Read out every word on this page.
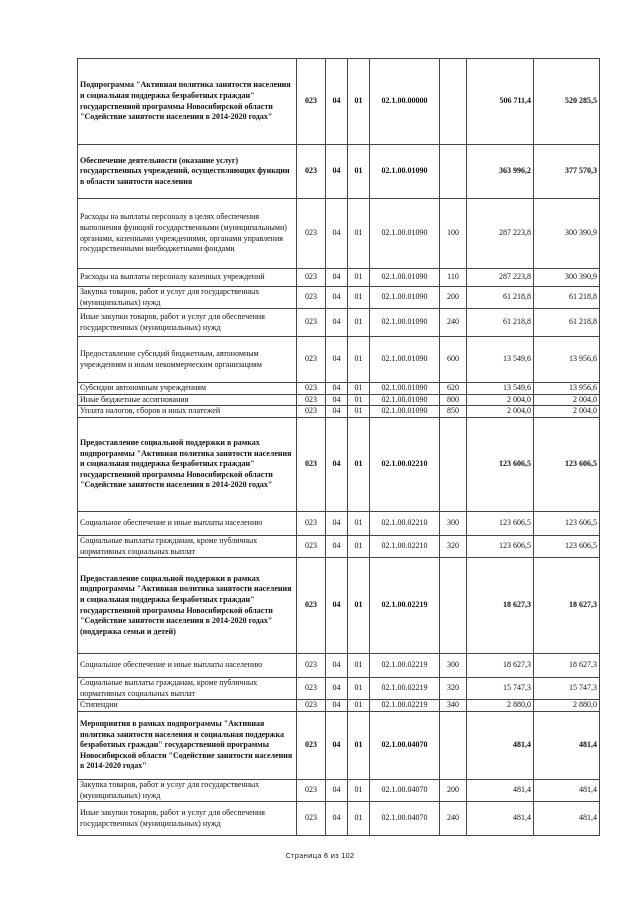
Подпрограмма "Активная политика занятости населения и социальная поддержка безработных граждан" государственной программы Новосибирской области "Содействие занятости населения в 2014-2020 годах"	023	04	01	02.1.00.00000		506 711,4	520 285,5
Обеспечение деятельности (оказание услуг) государственных учреждений, осуществляющих функции в области занятости населения	023	04	01	02.1.00.01090		363 996,2	377 570,3
Расходы на выплаты персоналу в целях обеспечения выполнения функций государственными (муниципальными) органами, казенными учреждениями, органами управления государственными внебюджетными фондами	023	04	01	02.1.00.01090	100	287 223,8	300 390,9
Расходы на выплаты персоналу казенных учреждений	023	04	01	02.1.00.01090	110	287 223,8	300 390,9
Закупка товаров, работ и услуг для государственных (муниципальных) нужд	023	04	01	02.1.00.01090	200	61 218,8	61 218,8
Иные закупки товаров, работ и услуг для обеспечения государственных (муниципальных) нужд	023	04	01	02.1.00.01090	240	61 218,8	61 218,8
Предоставление субсидий бюджетным, автономным учреждениям и иным некоммерческим организациям	023	04	01	02.1.00.01090	600	13 549,6	13 956,6
Субсидии автономным учреждениям	023	04	01	02.1.00.01090	620	13 549,6	13 956,6
Иные бюджетные ассигнования	023	04	01	02.1.00.01090	800	2 004,0	2 004,0
Уплата налогов, сборов и иных платежей	023	04	01	02.1.00.01090	850	2 004,0	2 004,0
Предоставление социальной поддержки в рамках подпрограммы "Активная политика занятости населения и социальная поддержка безработных граждан" государственной программы Новосибирской области "Содействие занятости населения в 2014-2020 годах"	023	04	01	02.1.00.02210		123 606,5	123 606,5
Социальное обеспечение и иные выплаты населению	023	04	01	02.1.00.02210	300	123 606,5	123 606,5
Социальные выплаты гражданам, кроме публичных нормативных социальных выплат	023	04	01	02.1.00.02210	320	123 606,5	123 606,5
Предоставление социальной поддержки в рамках подпрограммы "Активная политика занятости населения и социальная поддержка безработных граждан" государственной программы Новосибирской области "Содействие занятости населения в 2014-2020 годах" (поддержка семьи и детей)	023	04	01	02.1.00.02219		18 627,3	18 627,3
Социальное обеспечение и иные выплаты населению	023	04	01	02.1.00.02219	300	18 627,3	18 627,3
Социальные выплаты гражданам, кроме публичных нормативных социальных выплат	023	04	01	02.1.00.02219	320	15 747,3	15 747,3
Стипендии	023	04	01	02.1.00.02219	340	2 880,0	2 880,0
Мероприятия в рамках подпрограммы "Активная политика занятости населения и социальная поддержка безработных граждан" государственной программы Новосибирской области "Содействие занятости населения в 2014-2020 годах"	023	04	01	02.1.00.04070		481,4	481,4
Закупка товаров, работ и услуг для государственных (муниципальных) нужд	023	04	01	02.1.00.04070	200	481,4	481,4
Иные закупки товаров, работ и услуг для обеспечения государственных (муниципальных) нужд	023	04	01	02.1.00.04070	240	481,4	481,4
Страница 6 из 102
